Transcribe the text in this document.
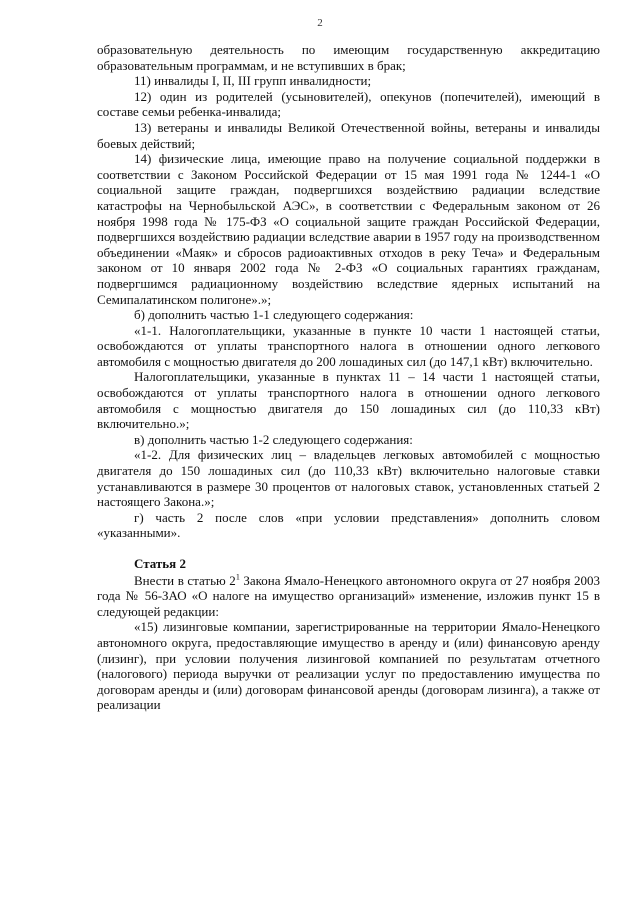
2

образовательную деятельность по имеющим государственную аккредитацию образовательным программам, и не вступивших в брак;

11) инвалиды I, II, III групп инвалидности;

12) один из родителей (усыновителей), опекунов (попечителей), имеющий в составе семьи ребенка-инвалида;

13) ветераны и инвалиды Великой Отечественной войны, ветераны и инвалиды боевых действий;

14) физические лица, имеющие право на получение социальной поддержки в соответствии с Законом Российской Федерации от 15 мая 1991 года № 1244-1 «О социальной защите граждан, подвергшихся воздействию радиации вследствие катастрофы на Чернобыльской АЭС», в соответствии с Федеральным законом от 26 ноября 1998 года № 175-ФЗ «О социальной защите граждан Российской Федерации, подвергшихся воздействию радиации вследствие аварии в 1957 году на производственном объединении «Маяк» и сбросов радиоактивных отходов в реку Теча» и Федеральным законом от 10 января 2002 года № 2-ФЗ «О социальных гарантиях гражданам, подвергшимся радиационному воздействию вследствие ядерных испытаний на Семипалатинском полигоне».»;

б) дополнить частью 1-1 следующего содержания:

«1-1. Налогоплательщики, указанные в пункте 10 части 1 настоящей статьи, освобождаются от уплаты транспортного налога в отношении одного легкового автомобиля с мощностью двигателя до 200 лошадиных сил (до 147,1 кВт) включительно.

Налогоплательщики, указанные в пунктах 11 – 14 части 1 настоящей статьи, освобождаются от уплаты транспортного налога в отношении одного легкового автомобиля с мощностью двигателя до 150 лошадиных сил (до 110,33 кВт) включительно.»;

в) дополнить частью 1-2 следующего содержания:

«1-2. Для физических лиц – владельцев легковых автомобилей с мощностью двигателя до 150 лошадиных сил (до 110,33 кВт) включительно налоговые ставки устанавливаются в размере 30 процентов от налоговых ставок, установленных статьей 2 настоящего Закона.»;

г) часть 2 после слов «при условии представления» дополнить словом «указанными».

Статья 2

Внести в статью $2^1$ Закона Ямало-Ненецкого автономного округа от 27 ноября 2003 года № 56-ЗАО «О налоге на имущество организаций» изменение, изложив пункт 15 в следующей редакции:

«15) лизинговые компании, зарегистрированные на территории Ямало-Ненецкого автономного округа, предоставляющие имущество в аренду и (или) финансовую аренду (лизинг), при условии получения лизинговой компанией по результатам отчетного (налогового) периода выручки от реализации услуг по предоставлению имущества по договорам аренды и (или) договорам финансовой аренды (договорам лизинга), а также от реализации
